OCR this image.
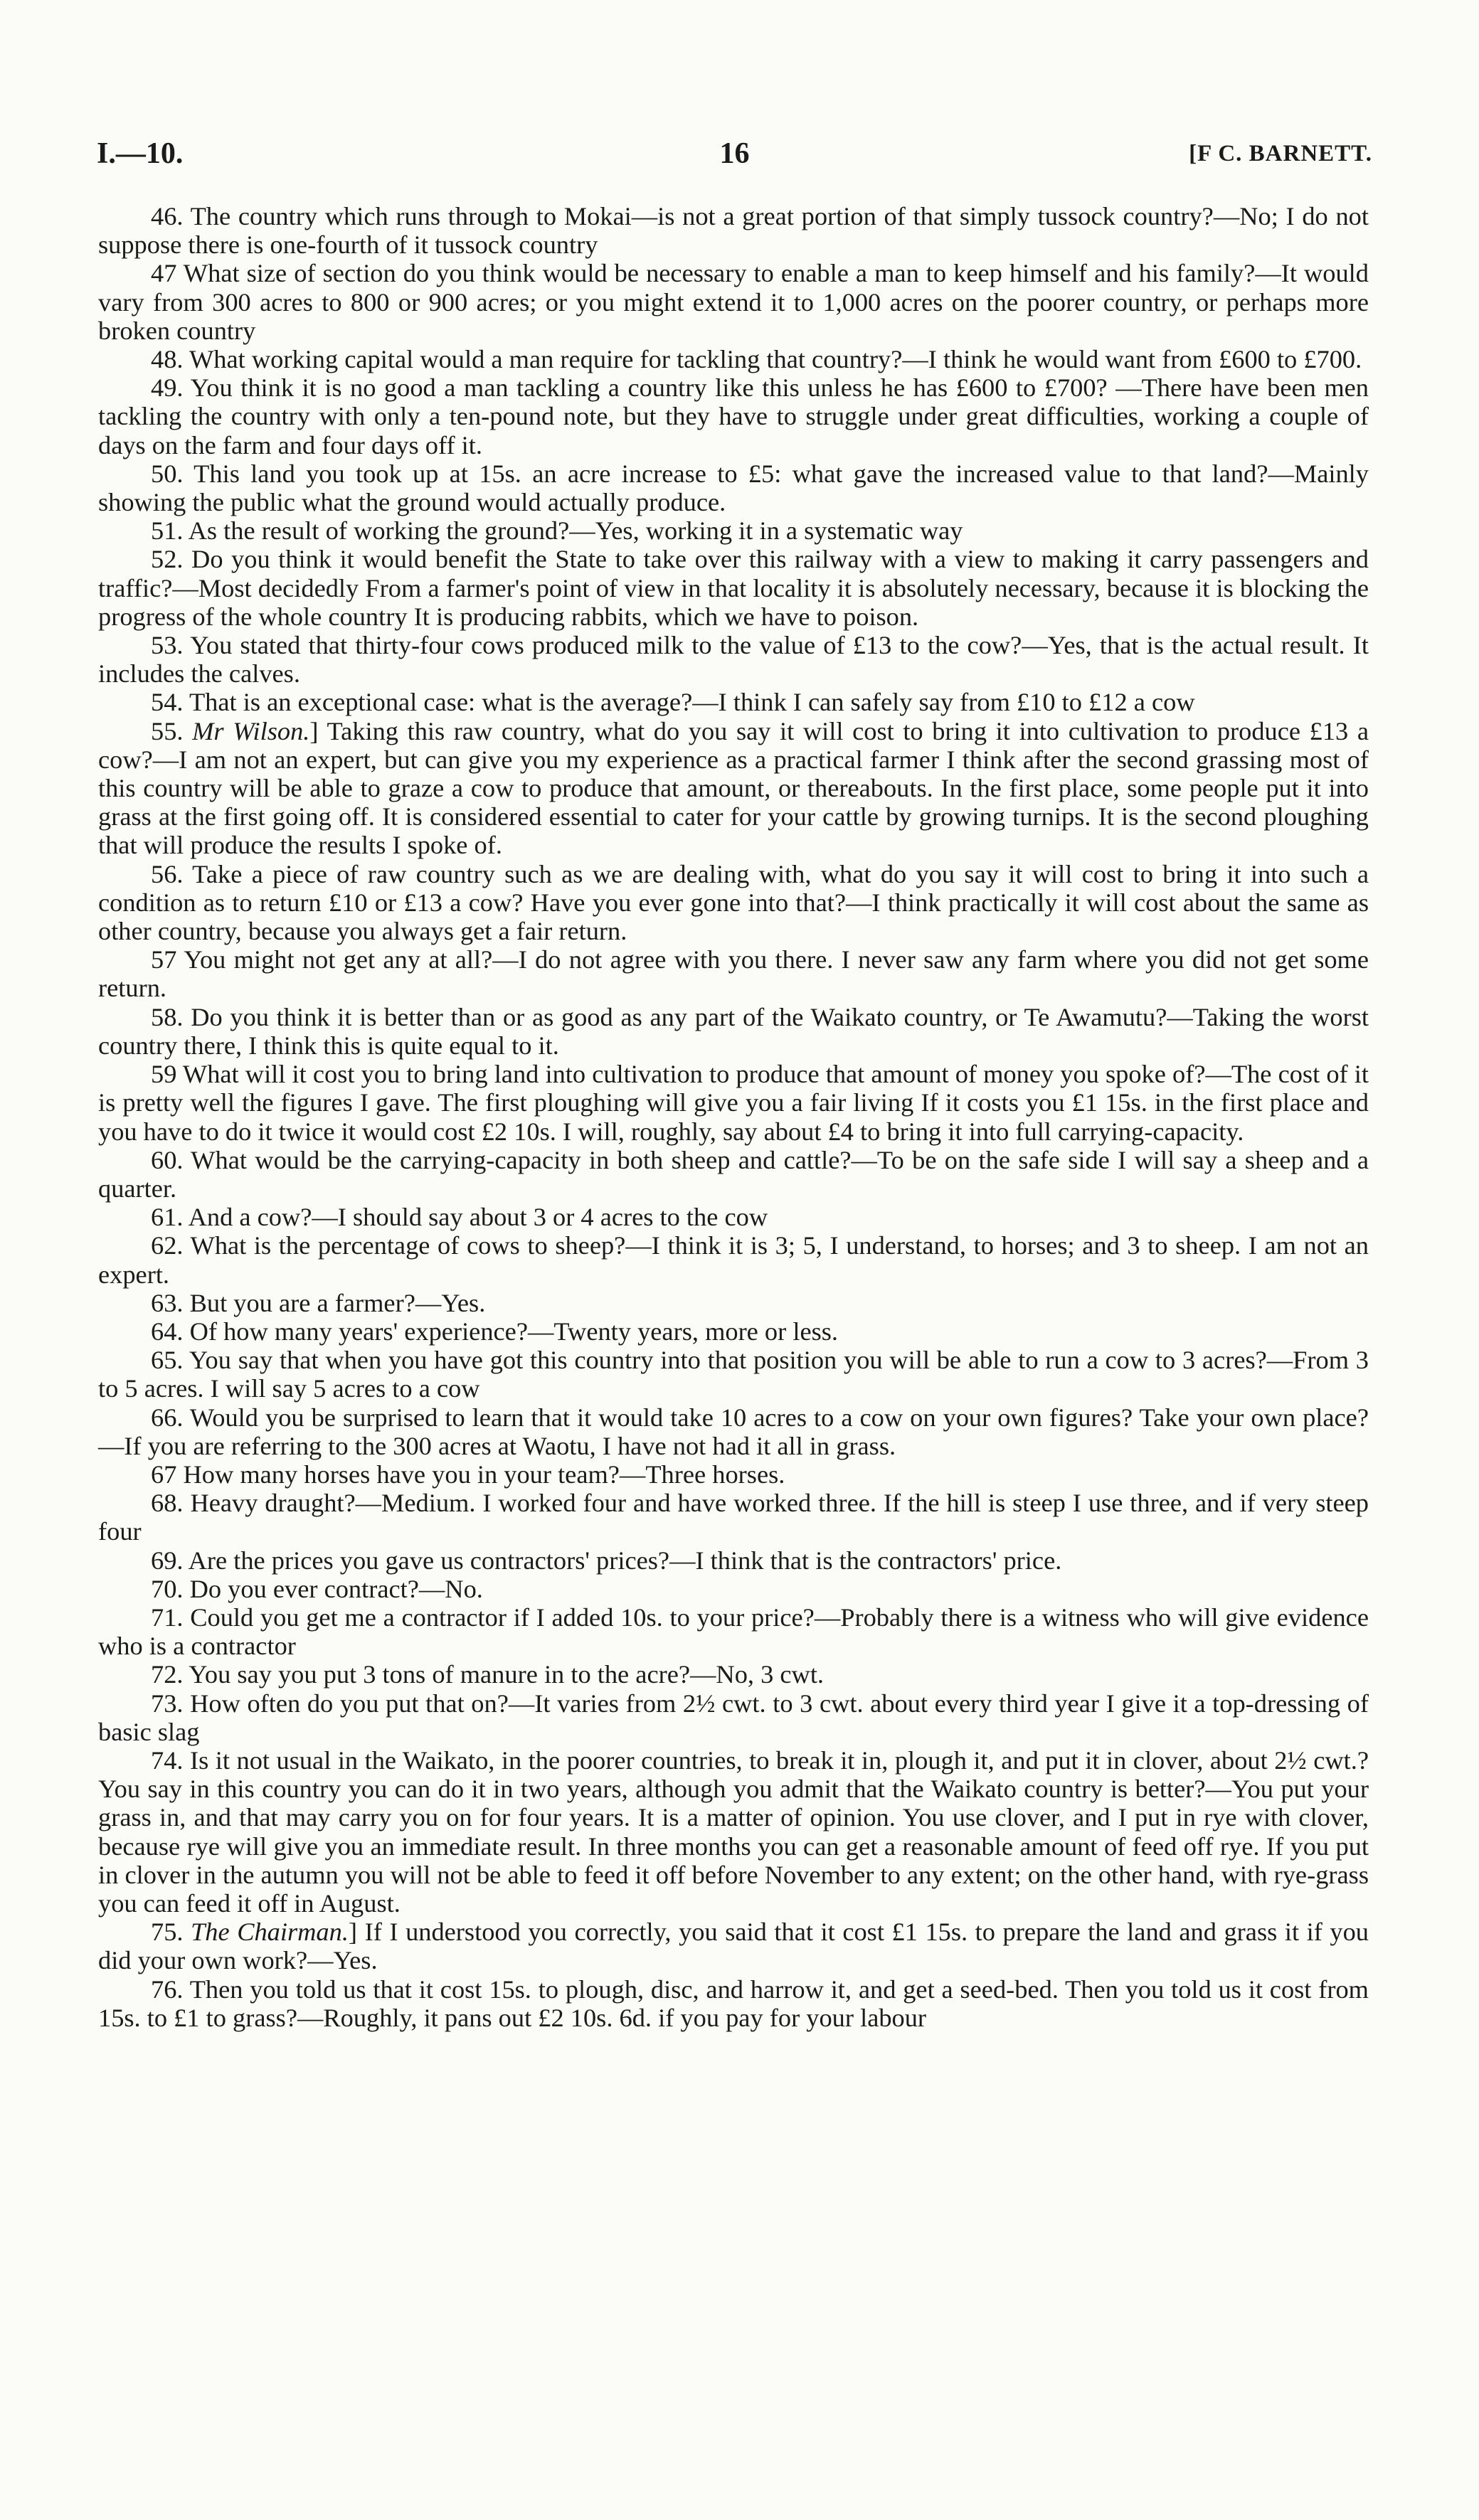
I.—10.	16	[F C. BARNETT.

46. The country which runs through to Mokai—is not a great portion of that simply tussock country?—No; I do not suppose there is one-fourth of it tussock country

47 What size of section do you think would be necessary to enable a man to keep himself and his family?—It would vary from 300 acres to 800 or 900 acres; or you might extend it to 1,000 acres on the poorer country, or perhaps more broken country

48. What working capital would a man require for tackling that country?—I think he would want from £600 to £700.

49. You think it is no good a man tackling a country like this unless he has £600 to £700? —There have been men tackling the country with only a ten-pound note, but they have to struggle under great difficulties, working a couple of days on the farm and four days off it.

50. This land you took up at 15s. an acre increase to £5: what gave the increased value to that land?—Mainly showing the public what the ground would actually produce.

51. As the result of working the ground?—Yes, working it in a systematic way

52. Do you think it would benefit the State to take over this railway with a view to making it carry passengers and traffic?—Most decidedly From a farmer's point of view in that locality it is absolutely necessary, because it is blocking the progress of the whole country It is producing rabbits, which we have to poison.

53. You stated that thirty-four cows produced milk to the value of £13 to the cow?—Yes, that is the actual result. It includes the calves.

54. That is an exceptional case: what is the average?—I think I can safely say from £10 to £12 a cow

55. Mr Wilson.] Taking this raw country, what do you say it will cost to bring it into cultivation to produce £13 a cow?—I am not an expert, but can give you my experience as a practical farmer I think after the second grassing most of this country will be able to graze a cow to produce that amount, or thereabouts. In the first place, some people put it into grass at the first going off. It is considered essential to cater for your cattle by growing turnips. It is the second ploughing that will produce the results I spoke of.

56. Take a piece of raw country such as we are dealing with, what do you say it will cost to bring it into such a condition as to return £10 or £13 a cow? Have you ever gone into that?—I think practically it will cost about the same as other country, because you always get a fair return.

57 You might not get any at all?—I do not agree with you there. I never saw any farm where you did not get some return.

58. Do you think it is better than or as good as any part of the Waikato country, or Te Awamutu?—Taking the worst country there, I think this is quite equal to it.

59 What will it cost you to bring land into cultivation to produce that amount of money you spoke of?—The cost of it is pretty well the figures I gave. The first ploughing will give you a fair living If it costs you £1 15s. in the first place and you have to do it twice it would cost £2 10s. I will, roughly, say about £4 to bring it into full carrying-capacity.

60. What would be the carrying-capacity in both sheep and cattle?—To be on the safe side I will say a sheep and a quarter.

61. And a cow?—I should say about 3 or 4 acres to the cow

62. What is the percentage of cows to sheep?—I think it is 3; 5, I understand, to horses; and 3 to sheep. I am not an expert.

63. But you are a farmer?—Yes.

64. Of how many years' experience?—Twenty years, more or less.

65. You say that when you have got this country into that position you will be able to run a cow to 3 acres?—From 3 to 5 acres. I will say 5 acres to a cow

66. Would you be surprised to learn that it would take 10 acres to a cow on your own figures? Take your own place?—If you are referring to the 300 acres at Waotu, I have not had it all in grass.

67 How many horses have you in your team?—Three horses.

68. Heavy draught?—Medium. I worked four and have worked three. If the hill is steep I use three, and if very steep four

69. Are the prices you gave us contractors' prices?—I think that is the contractors' price.

70. Do you ever contract?—No.

71. Could you get me a contractor if I added 10s. to your price?—Probably there is a witness who will give evidence who is a contractor

72. You say you put 3 tons of manure in to the acre?—No, 3 cwt.

73. How often do you put that on?—It varies from 2½ cwt. to 3 cwt. about every third year I give it a top-dressing of basic slag

74. Is it not usual in the Waikato, in the poorer countries, to break it in, plough it, and put it in clover, about 2½ cwt.? You say in this country you can do it in two years, although you admit that the Waikato country is better?—You put your grass in, and that may carry you on for four years. It is a matter of opinion. You use clover, and I put in rye with clover, because rye will give you an immediate result. In three months you can get a reasonable amount of feed off rye. If you put in clover in the autumn you will not be able to feed it off before November to any extent; on the other hand, with rye-grass you can feed it off in August.

75. The Chairman.] If I understood you correctly, you said that it cost £1 15s. to prepare the land and grass it if you did your own work?—Yes.

76. Then you told us that it cost 15s. to plough, disc, and harrow it, and get a seed-bed. Then you told us it cost from 15s. to £1 to grass?—Roughly, it pans out £2 10s. 6d. if you pay for your labour
